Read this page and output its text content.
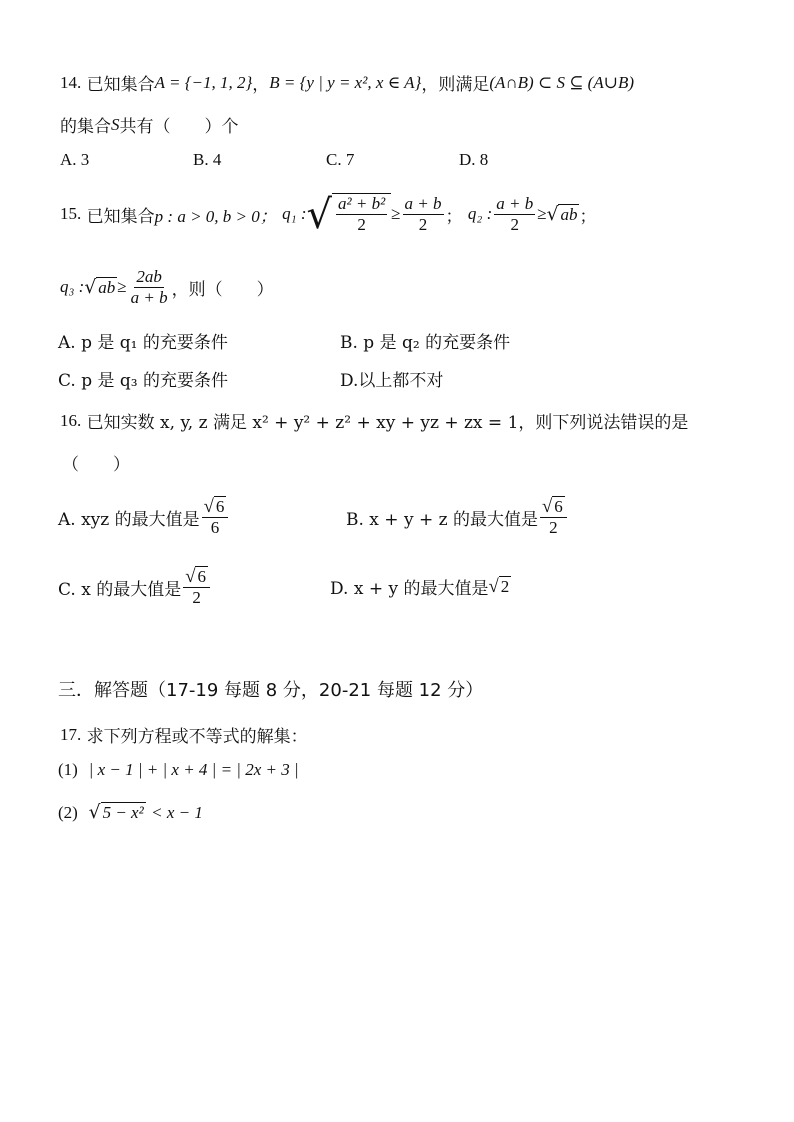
14.
已知集合 A = {−1, 1, 2} ， B = {y | y = x², x ∈ A} ，则满足 (A∩B) ⊂ S ⊆ (A∪B)
的集合 S 共有（　　）个
A. 3	B. 4	C. 7	D. 8
15.
已知集合 p : a > 0, b > 0；
q₁ : √ $\frac{\text{a² + b²}}{2} \ge \frac{a + b}{2}$ ；
q₂ : $\frac{a + b}{2}$ ≥ √ ab ；
q₃ : √ ab ≥ $\frac{2ab}{a + b}$ ，则（　　）
A. p 是 q₁ 的充要条件	B. p 是 q₂ 的充要条件
C. p 是 q₃ 的充要条件	D.以上都不对
16.
已知实数 x, y, z 满足 x² + y² + z² + xy + yz + zx = 1，则下列说法错误的是
（　　）
A. xyz 的最大值是 $\frac{√ 6}{6}$	B. x + y + z 的最大值是 $\frac{√ 6}{2}$
C. x 的最大值是 $\frac{√ 6}{2}$	D. x + y 的最大值是 √ 2
三．解答题（17-19 每题 8 分，20-21 每题 12 分）
17.
求下列方程或不等式的解集：
(1)
| x − 1 | + | x + 4 | = | 2x + 3 |
(2)
√ 5 − x²
< x − 1
